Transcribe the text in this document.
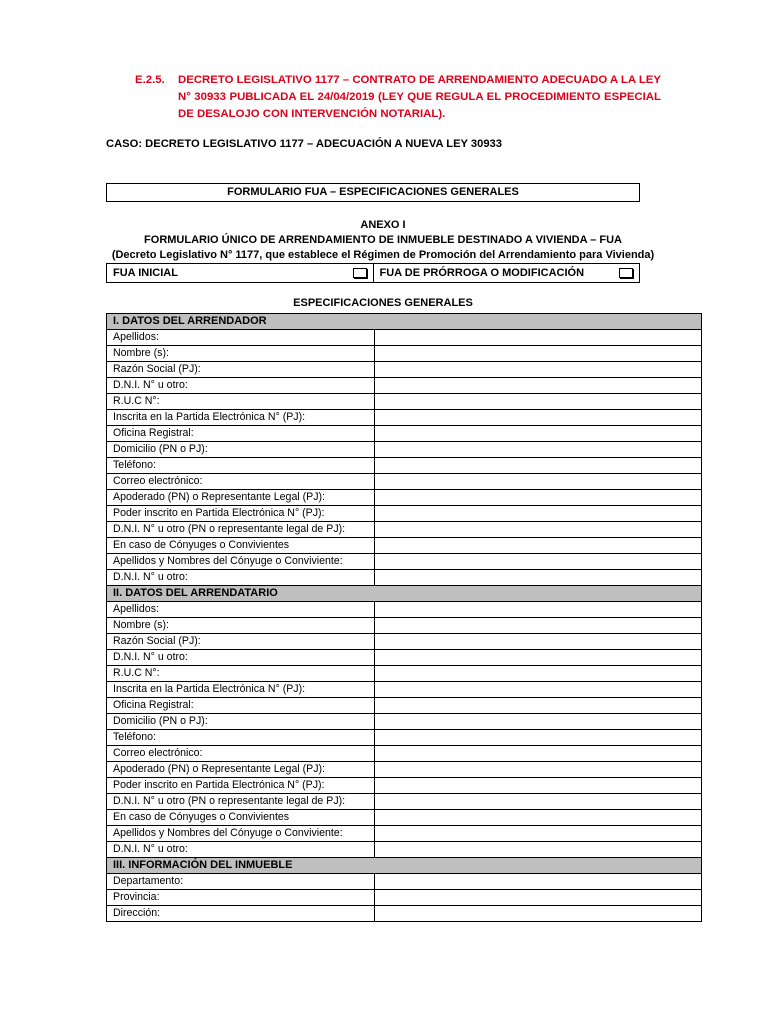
E.2.5. DECRETO LEGISLATIVO 1177 – CONTRATO DE ARRENDAMIENTO ADECUADO A LA LEY N° 30933 PUBLICADA EL 24/04/2019 (LEY QUE REGULA EL PROCEDIMIENTO ESPECIAL DE DESALOJO CON INTERVENCIÓN NOTARIAL).
CASO: DECRETO LEGISLATIVO 1177 – ADECUACIÓN A NUEVA LEY 30933
FORMULARIO FUA – ESPECIFICACIONES GENERALES
ANEXO I
FORMULARIO ÚNICO DE ARRENDAMIENTO DE INMUEBLE DESTINADO A VIVIENDA – FUA
(Decreto Legislativo N° 1177, que establece el Régimen de Promoción del Arrendamiento para Vivienda)
FUA INICIAL	FUA DE PRÓRROGA O MODIFICACIÓN
ESPECIFICACIONES GENERALES
I. DATOS DEL ARRENDADOR	
Apellidos:	
Nombre (s):	
Razón Social (PJ):	
D.N.I. N° u otro:	
R.U.C N°:	
Inscrita en la Partida Electrónica N° (PJ):	
Oficina Registral:	
Domicilio (PN o PJ):	
Teléfono:	
Correo electrónico:	
Apoderado (PN) o Representante Legal (PJ):	
Poder inscrito en Partida Electrónica N° (PJ):	
D.N.I. N° u otro (PN o representante legal de PJ):	
En caso de Cónyuges o Convivientes	
Apellidos y Nombres del Cónyuge o Conviviente:	
D.N.I. N° u otro:	
II. DATOS DEL ARRENDATARIO	
Apellidos:	
Nombre (s):	
Razón Social (PJ):	
D.N.I. N° u otro:	
R.U.C N°:	
Inscrita en la Partida Electrónica N° (PJ):	
Oficina Registral:	
Domicilio (PN o PJ):	
Teléfono:	
Correo electrónico:	
Apoderado (PN) o Representante Legal (PJ):	
Poder inscrito en Partida Electrónica N° (PJ):	
D.N.I. N° u otro (PN o representante legal de PJ):	
En caso de Cónyuges o Convivientes	
Apellidos y Nombres del Cónyuge o Conviviente:	
D.N.I. N° u otro:	
III. INFORMACIÓN DEL INMUEBLE	
Departamento:	
Provincia:	
Dirección:	
